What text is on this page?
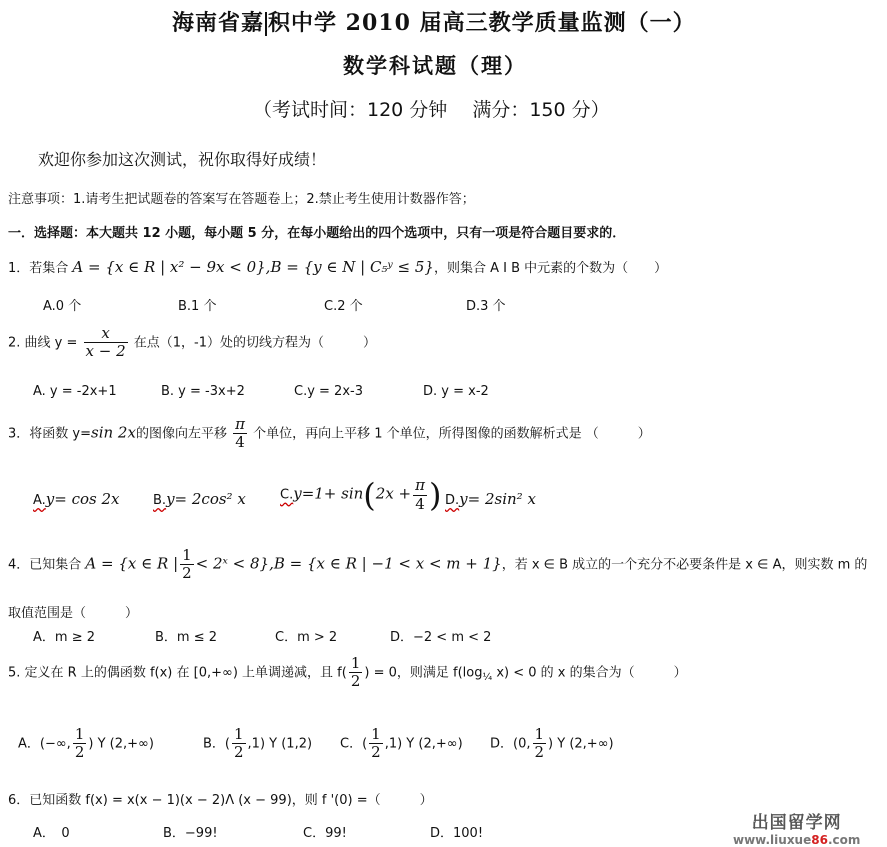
海南省嘉 积中学 2010 届高三教学质量监测（一）
数学科试题（理）
（考试时间：120 分钟　 满分：150 分）
欢迎你参加这次测试，祝你取得好成绩！
注意事项：1.请考生把试题卷的答案写在答题卷上；2.禁止考生使用计数器作答；
一．选择题：本大题共 12 小题，每小题 5 分，在每小题给出的四个选项中，只有一项是符合题目要求的．
1．若集合 A = {x ∈ R | x² − 9x < 0},B = {y ∈ N | C₅ʸ ≤ 5}，则集合 A I B 中元素的个数为（　　）
A.0 个	B.1 个	C.2 个	D.3 个
2. 曲线 $y = \frac{x}{x - 2}$ 在点（1，-1）处的切线方程为（　　　）
A. y = -2x+1	B. y = -3x+2	C.y = 2x-3	D. y = x-2
3．将函数 y=sin 2x的图像向左平移 $\frac{\pi}{4}$ 个单位，再向上平移 1 个单位，所得图像的函数解析式是 （　　　）
A.y= cos 2x	B.y= 2cos² x	$C.y=1+ \sin(2x + \frac{\pi}{4}$ ) D.y= 2sin² x
4．已知集合 A = {x ∈ R | $\frac{1}{2}$ < 2ˣ < 8},B = {x ∈ R | −1 < x < m + 1}，若 x ∈ B 成立的一个充分不必要条件是 x ∈ A，则实数 m 的
取值范围是（　　　）
A．m ≥ 2	B．m ≤ 2	C．m > 2	D．−2 < m < 2
5. 定义在 R 上的偶函数 f(x) 在 [0,+∞) 上单调递减，且 $f( \frac{1}{2}$ ) = 0，则满足 $f(\log_{\frac{1}{4}}$ x) < 0 的 x 的集合为（　　　）
A．(−∞, $\frac{1}{2}$ ) Y (2,+∞)	B．( $\frac{1}{2} ,1$) Y (1,2) C．( $\frac{1}{2} ,1$) Y (2,+∞) D．(0, $\frac{1}{2}$ ) Y (2,+∞)
6．已知函数 f(x) = x(x − 1)(x − 2)Λ (x − 99)，则 f '(0) =（　　　）
A．　0	B．−99!	C．99!	D．100!
出国留学网
www.liuxue86.com
